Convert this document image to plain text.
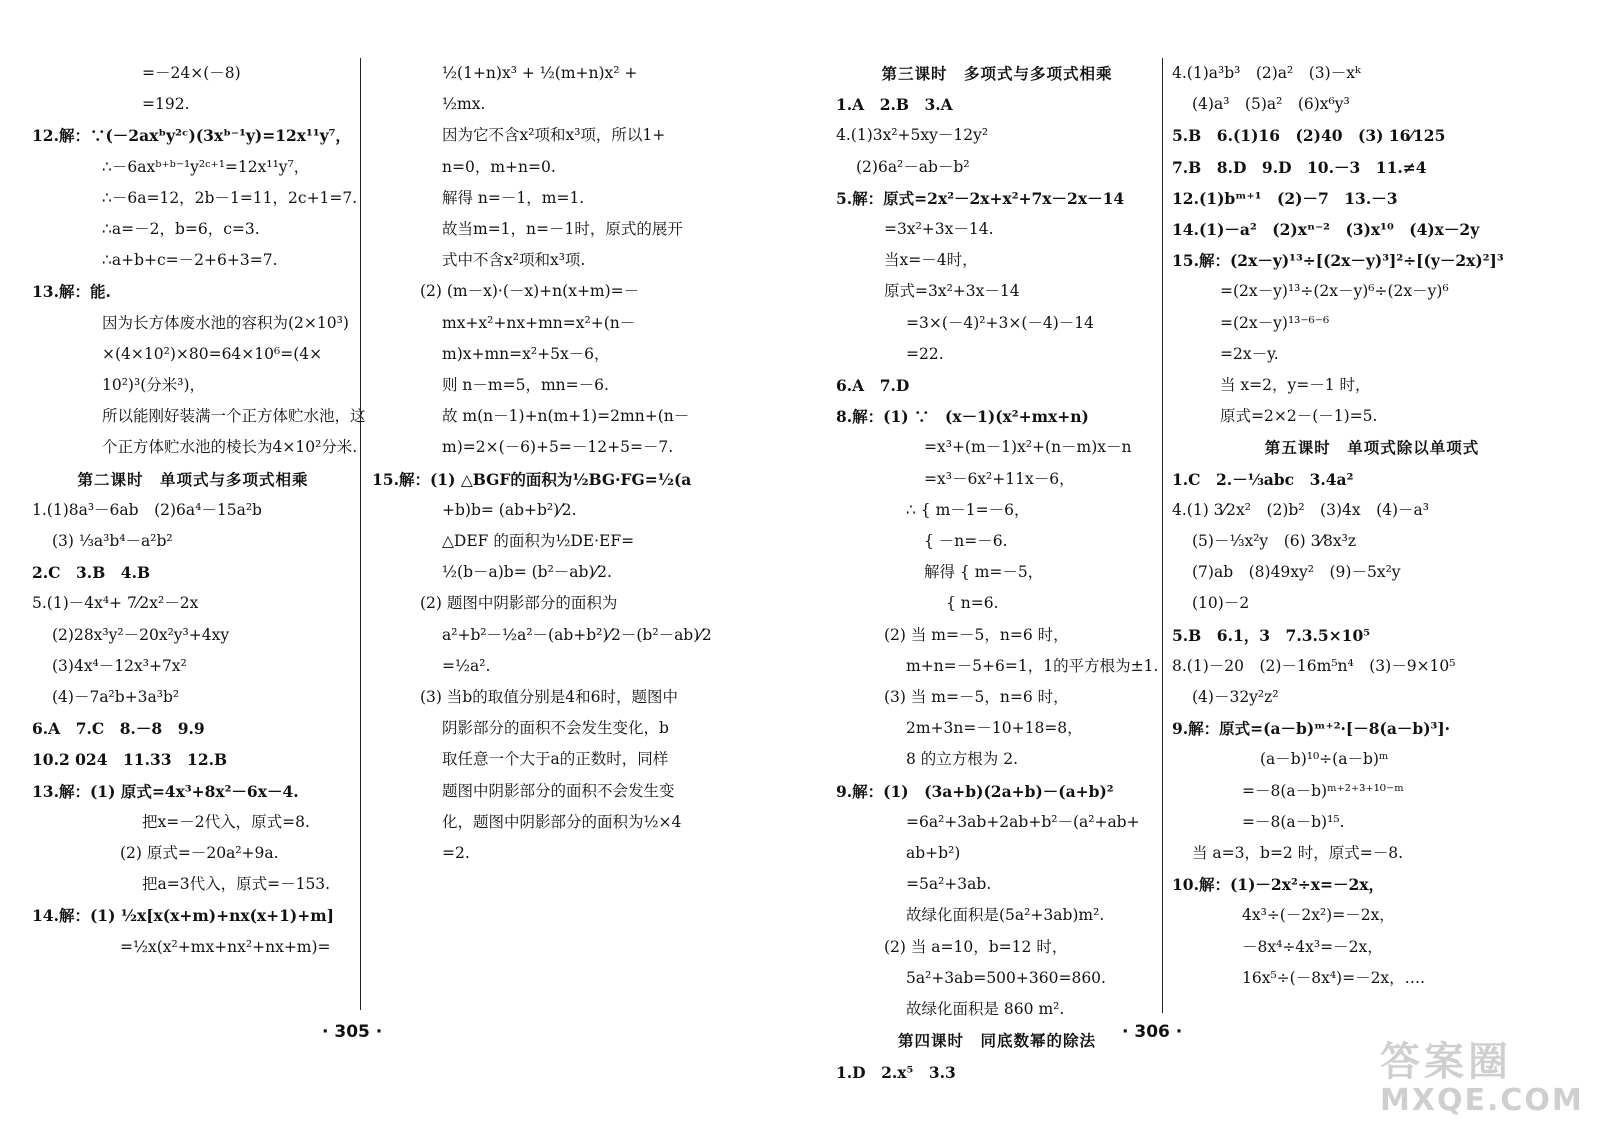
=－24×(－8)
=192.
12.解：∵(－2axᵇy²ᶜ)(3xᵇ⁻¹y)=12x¹¹y⁷，
∴－6axᵇ⁺ᵇ⁻¹y²ᶜ⁺¹=12x¹¹y⁷，
∴－6a=12，2b－1=11，2c+1=7.
∴a=－2，b=6，c=3.
∴a+b+c=－2+6+3=7.
13.解：能.
因为长方体废水池的容积为(2×10³)
×(4×10²)×80=64×10⁶=(4×
10²)³(分米³)，
所以能刚好装满一个正方体贮水池，这
个正方体贮水池的棱长为4×10²分米.
第二课时　单项式与多项式相乘
1.(1)8a³－6ab　(2)6a⁴－15a²b
(3) ⅓a³b⁴－a²b²
2.C　3.B　4.B
5.(1)－4x⁴+ 7⁄2x²－2x
(2)28x³y²－20x²y³+4xy
(3)4x⁴－12x³+7x²
(4)－7a²b+3a³b²
6.A　7.C　8.－8　9.9
10.2 024　11.33　12.B
13.解：(1) 原式=4x³+8x²－6x－4.
把x=－2代入，原式=8.
(2) 原式=－20a²+9a.
把a=3代入，原式=－153.
14.解：(1) ½x[x(x+m)+nx(x+1)+m]
=½x(x²+mx+nx²+nx+m)=
½(1+n)x³ + ½(m+n)x² +
½mx.
因为它不含x²项和x³项，所以1+
n=0，m+n=0.
解得 n=－1，m=1.
故当m=1，n=－1时，原式的展开
式中不含x²项和x³项.
(2) (m－x)·(－x)+n(x+m)=－
mx+x²+nx+mn=x²+(n－
m)x+mn=x²+5x－6，
则 n－m=5，mn=－6.
故 m(n－1)+n(m+1)=2mn+(n－
m)=2×(－6)+5=－12+5=－7.
15.解：(1) △BGF的面积为½BG·FG=½(a
+b)b= (ab+b²)⁄2.
△DEF 的面积为½DE·EF=
½(b－a)b= (b²－ab)⁄2.
(2) 题图中阴影部分的面积为
a²+b²－½a²－(ab+b²)⁄2－(b²－ab)⁄2
=½a².
(3) 当b的取值分别是4和6时，题图中
阴影部分的面积不会发生变化，b
取任意一个大于a的正数时，同样
题图中阴影部分的面积不会发生变
化，题图中阴影部分的面积为½×4
=2.
第三课时　多项式与多项式相乘
1.A　2.B　3.A
4.(1)3x²+5xy－12y²
(2)6a²－ab－b²
5.解：原式=2x²－2x+x²+7x－2x－14
=3x²+3x－14.
当x=－4时，
原式=3x²+3x－14
=3×(－4)²+3×(－4)－14
=22.
6.A　7.D
8.解：(1) ∵　(x－1)(x²+mx+n)
=x³+(m－1)x²+(n－m)x－n
=x³－6x²+11x－6，
∴ { m－1=－6，
{ －n=－6.
解得 { m=－5，
{ n=6.
(2) 当 m=－5，n=6 时，
m+n=－5+6=1，1的平方根为±1.
(3) 当 m=－5，n=6 时，
2m+3n=－10+18=8，
8 的立方根为 2.
9.解：(1)　(3a+b)(2a+b)－(a+b)²
=6a²+3ab+2ab+b²－(a²+ab+
ab+b²)
=5a²+3ab.
故绿化面积是(5a²+3ab)m².
(2) 当 a=10，b=12 时，
5a²+3ab=500+360=860.
故绿化面积是 860 m².
第四课时　同底数幂的除法
1.D　2.x⁵　3.3
4.(1)a³b³　(2)a²　(3)－xᵏ
(4)a³　(5)a²　(6)x⁶y³
5.B　6.(1)16　(2)40　(3) 16⁄125
7.B　8.D　9.D　10.－3　11.≠4
12.(1)bᵐ⁺¹　(2)－7　13.－3
14.(1)－a²　(2)xⁿ⁻²　(3)x¹⁰　(4)x－2y
15.解：(2x－y)¹³÷[(2x－y)³]²÷[(y－2x)²]³
=(2x－y)¹³÷(2x－y)⁶÷(2x－y)⁶
=(2x－y)¹³⁻⁶⁻⁶
=2x－y.
当 x=2，y=－1 时，
原式=2×2－(－1)=5.
第五课时　单项式除以单项式
1.C　2.－⅓abc　3.4a²
4.(1) 3⁄2x²　(2)b²　(3)4x　(4)－a³
(5)－⅓x²y　(6) 3⁄8x³z
(7)ab　(8)49xy²　(9)－5x²y
(10)－2
5.B　6.1，3　7.3.5×10⁵
8.(1)－20　(2)－16m⁵n⁴　(3)－9×10⁵
(4)－32y²z²
9.解：原式=(a－b)ᵐ⁺²·[－8(a－b)³]·
(a－b)¹⁰÷(a－b)ᵐ
=－8(a－b)ᵐ⁺²⁺³⁺¹⁰⁻ᵐ
=－8(a－b)¹⁵.
当 a=3，b=2 时，原式=－8.
10.解：(1)－2x²÷x=－2x，
4x³÷(－2x²)=－2x，
－8x⁴÷4x³=－2x，
16x⁵÷(－8x⁴)=－2x，….
· 305 ·	· 306 ·
答案圈
MXQE.COM
